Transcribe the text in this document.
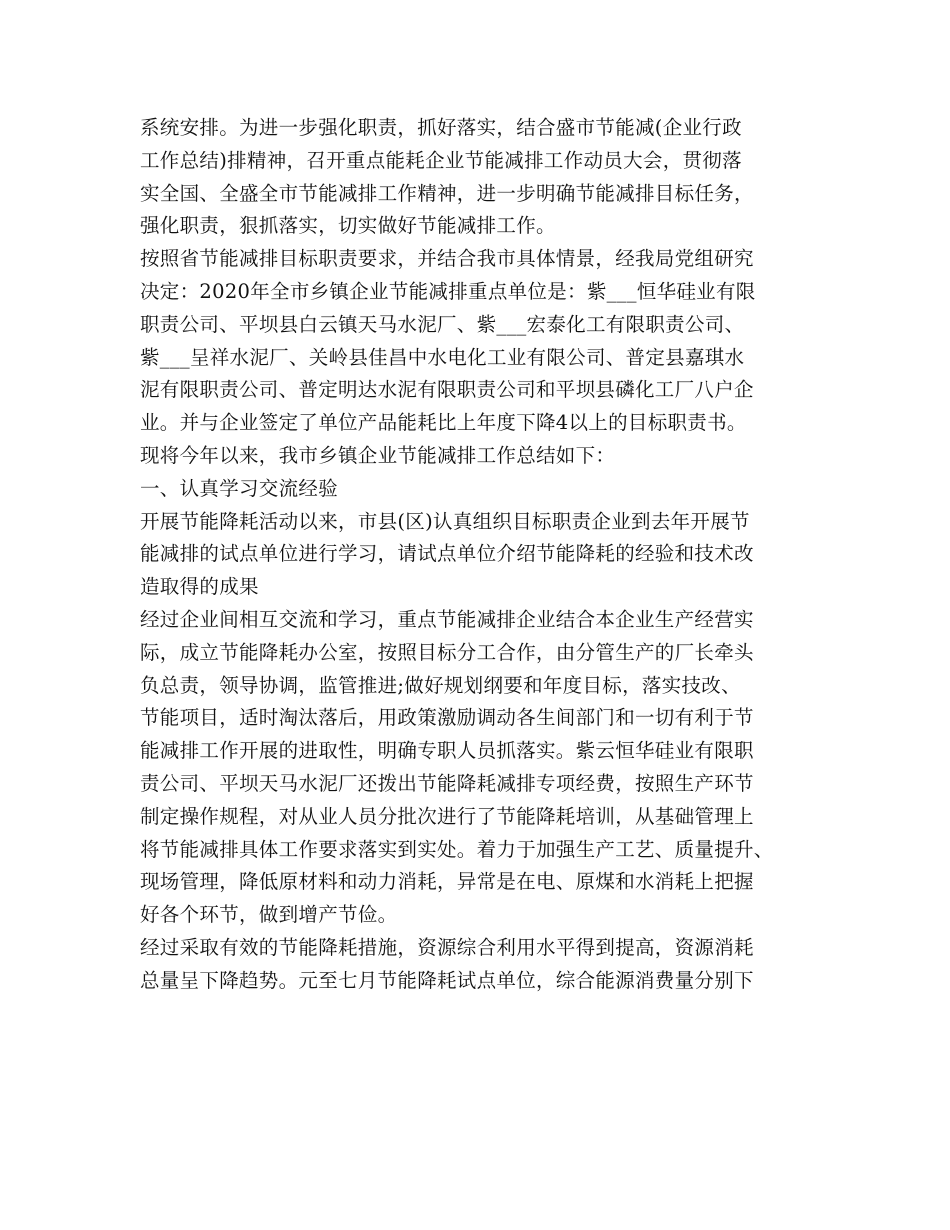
系统安排。为进一步强化职责，抓好落实，结合盛市节能减(企业行政
工作总结)排精神，召开重点能耗企业节能减排工作动员大会，贯彻落
实全国、全盛全市节能减排工作精神，进一步明确节能减排目标任务，
强化职责，狠抓落实，切实做好节能减排工作。
按照省节能减排目标职责要求，并结合我市具体情景，经我局党组研究
决定：2020年全市乡镇企业节能减排重点单位是：紫___恒华硅业有限
职责公司、平坝县白云镇天马水泥厂、紫___宏泰化工有限职责公司、
紫___呈祥水泥厂、关岭县佳昌中水电化工业有限公司、普定县嘉琪水
泥有限职责公司、普定明达水泥有限职责公司和平坝县磷化工厂八户企
业。并与企业签定了单位产品能耗比上年度下降4以上的目标职责书。
现将今年以来，我市乡镇企业节能减排工作总结如下：
一、认真学习交流经验
开展节能降耗活动以来，市县(区)认真组织目标职责企业到去年开展节
能减排的试点单位进行学习，请试点单位介绍节能降耗的经验和技术改
造取得的成果
经过企业间相互交流和学习，重点节能减排企业结合本企业生产经营实
际，成立节能降耗办公室，按照目标分工合作，由分管生产的厂长牵头
负总责，领导协调，监管推进;做好规划纲要和年度目标，落实技改、
节能项目，适时淘汰落后，用政策激励调动各生间部门和一切有利于节
能减排工作开展的进取性，明确专职人员抓落实。紫云恒华硅业有限职
责公司、平坝天马水泥厂还拨出节能降耗减排专项经费，按照生产环节
制定操作规程，对从业人员分批次进行了节能降耗培训，从基础管理上
将节能减排具体工作要求落实到实处。着力于加强生产工艺、质量提升、
现场管理，降低原材料和动力消耗，异常是在电、原煤和水消耗上把握
好各个环节，做到增产节俭。
经过采取有效的节能降耗措施，资源综合利用水平得到提高，资源消耗
总量呈下降趋势。元至七月节能降耗试点单位，综合能源消费量分别下
